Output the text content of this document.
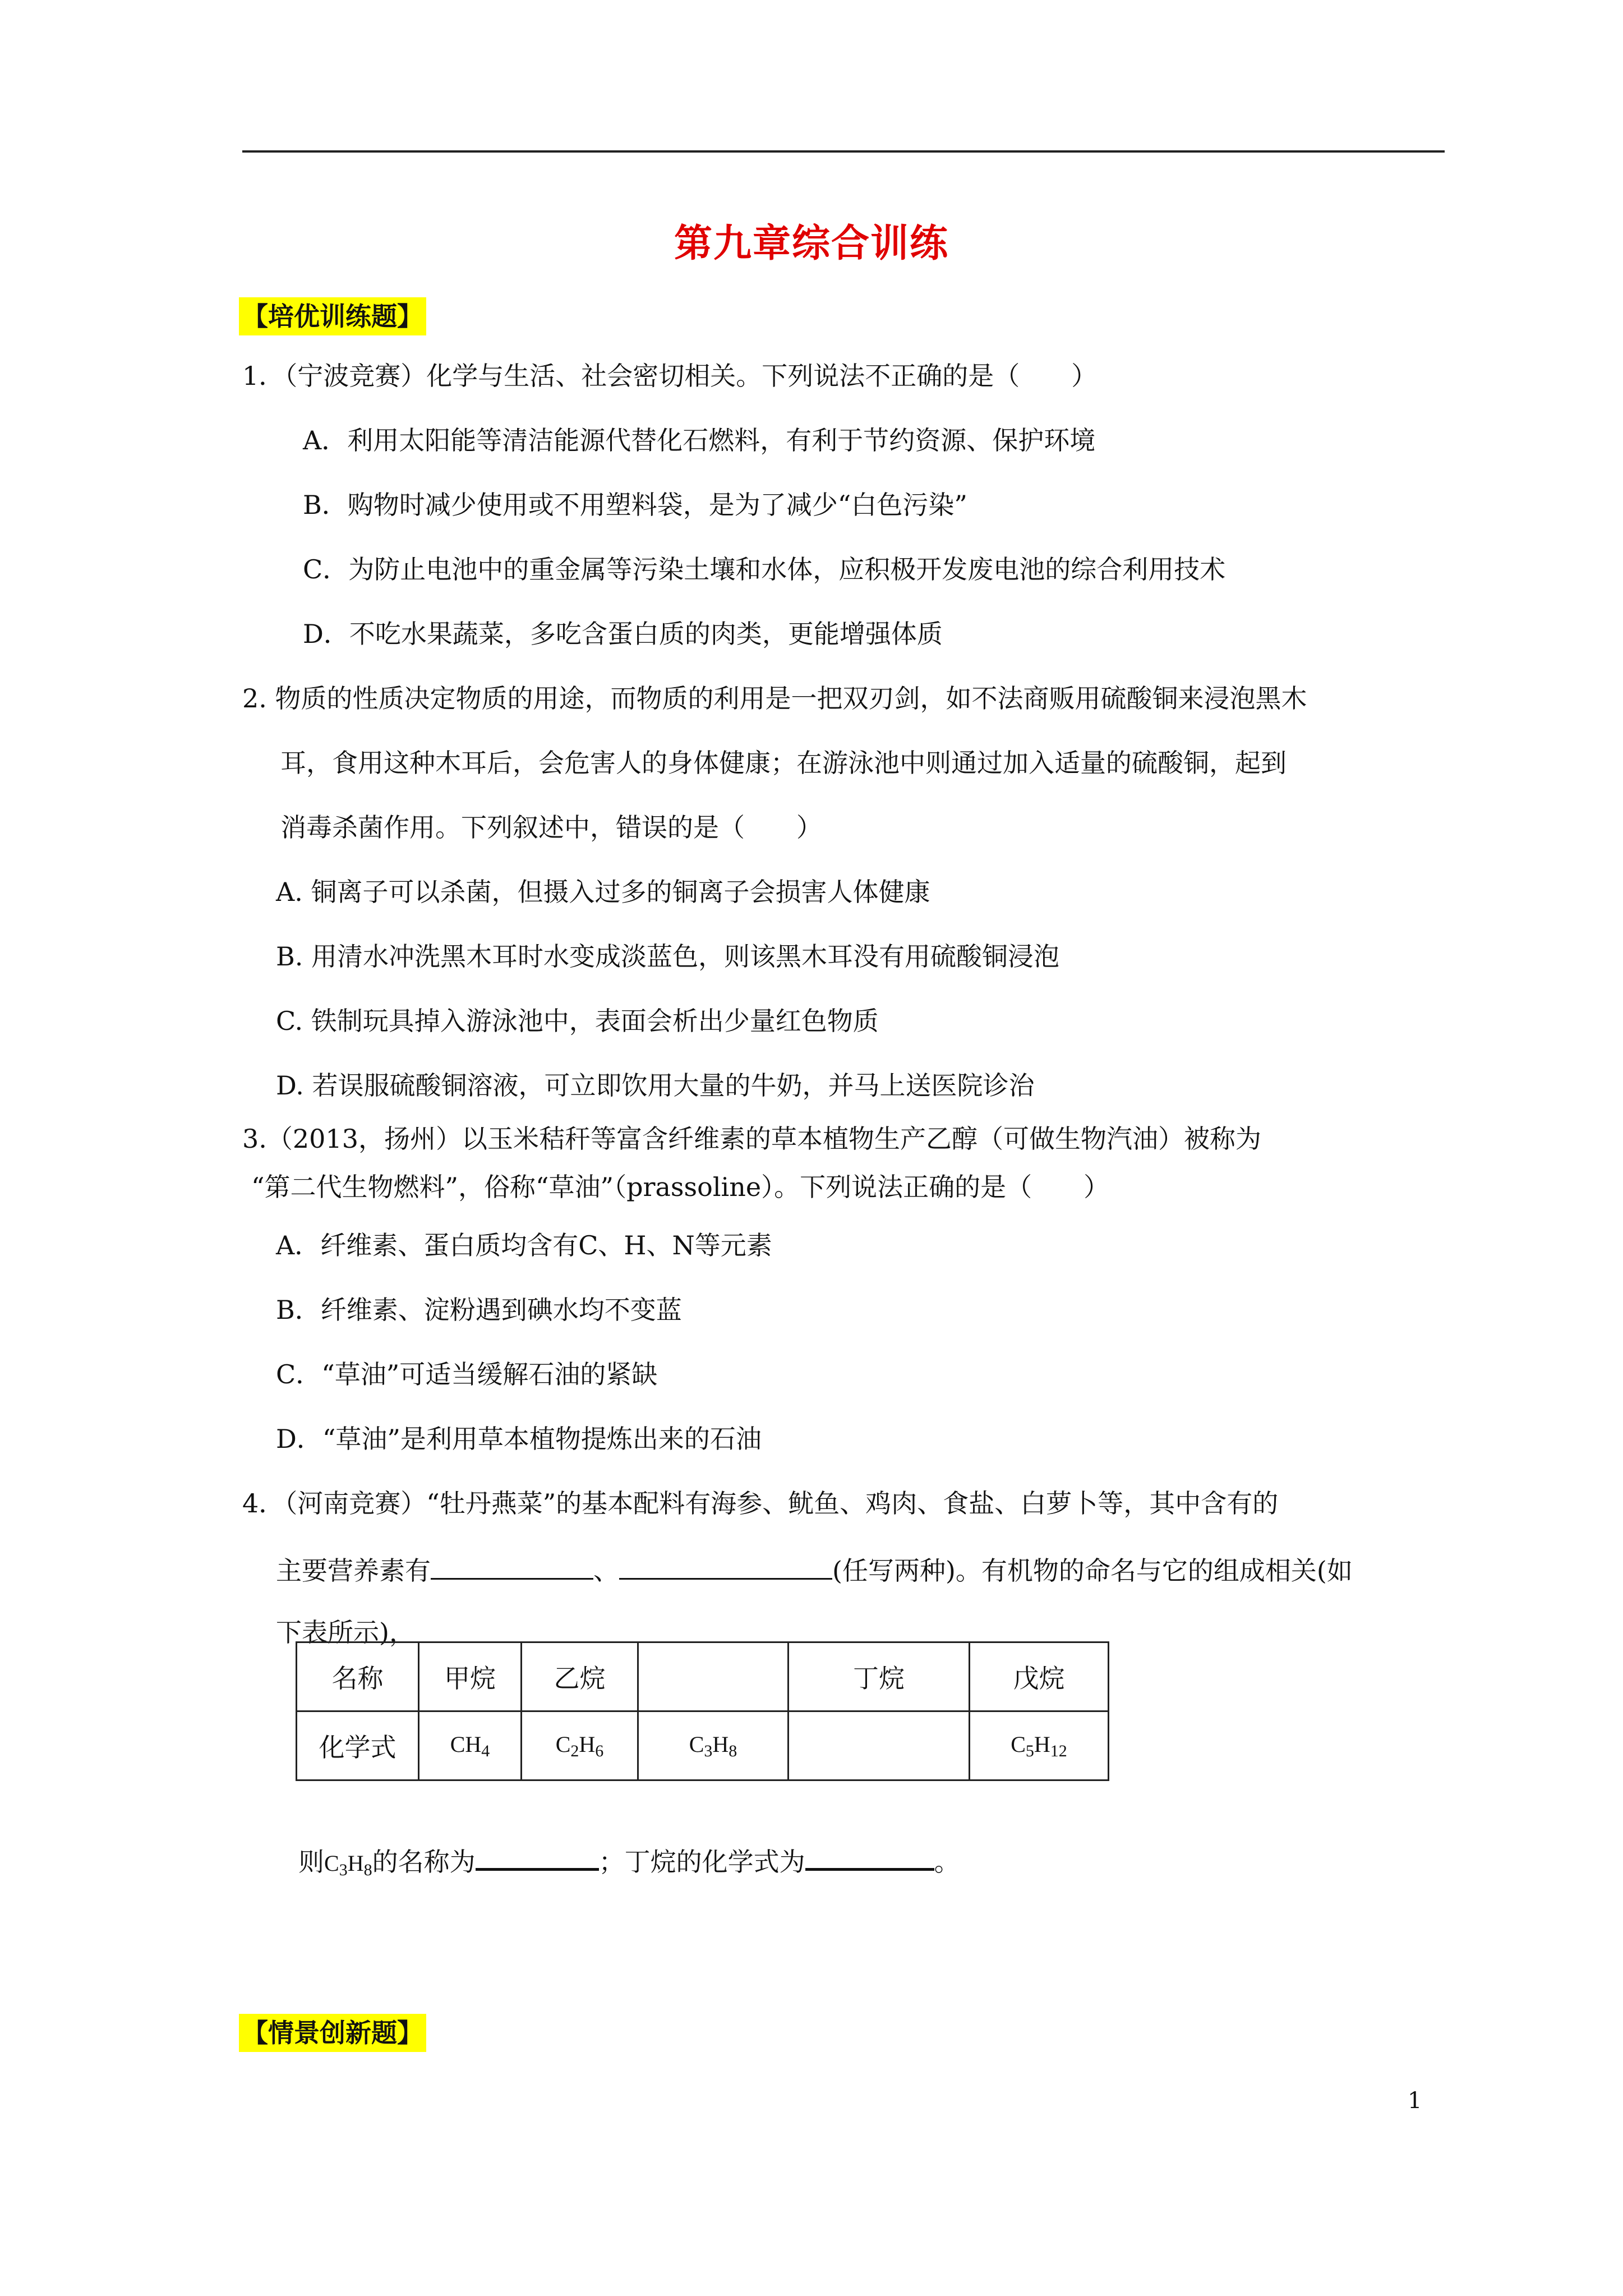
第九章综合训练
【培优训练题】
1．（宁波竞赛）化学与生活、社会密切相关。下列说法不正确的是（　　）
A．利用太阳能等清洁能源代替化石燃料，有利于节约资源、保护环境
B．购物时减少使用或不用塑料袋，是为了减少“白色污染”
C．为防止电池中的重金属等污染土壤和水体，应积极开发废电池的综合利用技术
D．不吃水果蔬菜，多吃含蛋白质的肉类，更能增强体质
2. 物质的性质决定物质的用途，而物质的利用是一把双刃剑，如不法商贩用硫酸铜来浸泡黑木
耳，食用这种木耳后，会危害人的身体健康；在游泳池中则通过加入适量的硫酸铜，起到
消毒杀菌作用。下列叙述中，错误的是（　　）
A. 铜离子可以杀菌，但摄入过多的铜离子会损害人体健康
B. 用清水冲洗黑木耳时水变成淡蓝色，则该黑木耳没有用硫酸铜浸泡
C. 铁制玩具掉入游泳池中，表面会析出少量红色物质
D. 若误服硫酸铜溶液，可立即饮用大量的牛奶，并马上送医院诊治
3.（2013，扬州）以玉米秸秆等富含纤维素的草本植物生产乙醇（可做生物汽油）被称为
“第二代生物燃料”，俗称“草油”（prassoline）。下列说法正确的是（　　）
A．纤维素、蛋白质均含有C、H、N等元素
B．纤维素、淀粉遇到碘水均不变蓝
C．“草油”可适当缓解石油的紧缺
D．“草油”是利用草本植物提炼出来的石油
4．（河南竞赛）“牡丹燕菜”的基本配料有海参、鱿鱼、鸡肉、食盐、白萝卜等，其中含有的
主要营养素有	、	(任写两种)。有机物的命名与它的组成相关(如
下表所示)，
名称	甲烷	乙烷		丁烷	戊烷
化学式	$CH_4$	$C_2H_6$	$C_3H_8$		$C_5H_{12}$
则$C_3H_8$的名称为	；丁烷的化学式为	。
【情景创新题】
1
